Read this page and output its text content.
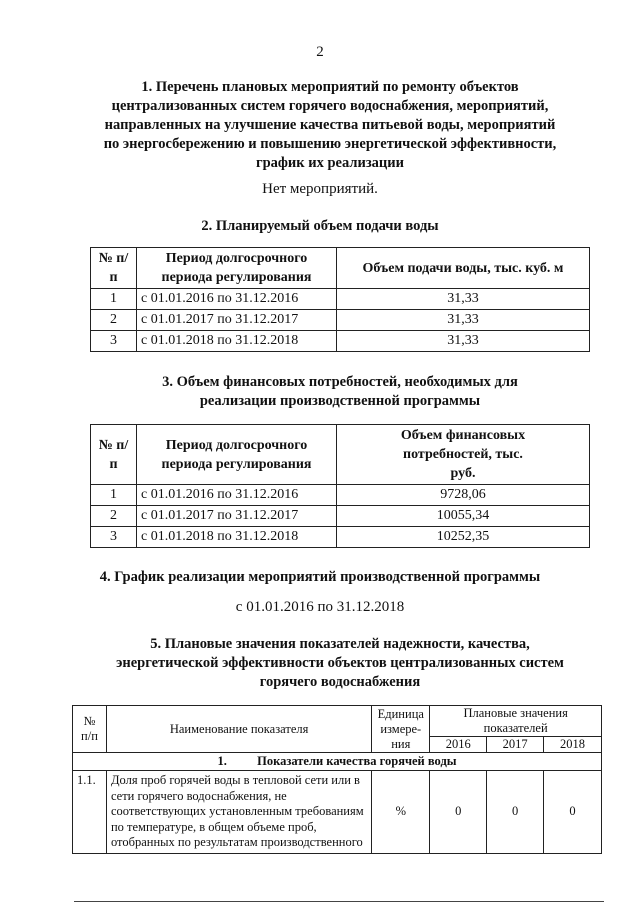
2
1. Перечень плановых мероприятий по ремонту объектов централизованных систем горячего водоснабжения, мероприятий, направленных на улучшение качества питьевой воды, мероприятий по энергосбережению и повышению энергетической эффективности, график их реализации
Нет мероприятий.
2. Планируемый объем подачи воды
№ п/п	Период долгосрочного периода регулирования	Объем подачи воды, тыс. куб. м
1	с 01.01.2016 по 31.12.2016	31,33
2	с 01.01.2017 по 31.12.2017	31,33
3	с 01.01.2018 по 31.12.2018	31,33
3. Объем финансовых потребностей, необходимых для реализации производственной программы
№ п/п	Период долгосрочного периода регулирования	Объем финансовых потребностей, тыс. руб.
1	с 01.01.2016 по 31.12.2016	9728,06
2	с 01.01.2017 по 31.12.2017	10055,34
3	с 01.01.2018 по 31.12.2018	10252,35
4. График реализации мероприятий производственной программы
с 01.01.2016 по 31.12.2018
5. Плановые значения показателей надежности, качества, энергетической эффективности объектов централизованных систем горячего водоснабжения
№ п/п	Наименование показателя	Единица измере-ния	Плановые значения показателей		
			2016	2017	2018
1. Показатели качества горячей воды					
1.1.	Доля проб горячей воды в тепловой сети или в сети горячего водоснабжения, не соответствующих установленным требованиям по температуре, в общем объеме проб, отобранных по результатам производственного	%	0	0	0
